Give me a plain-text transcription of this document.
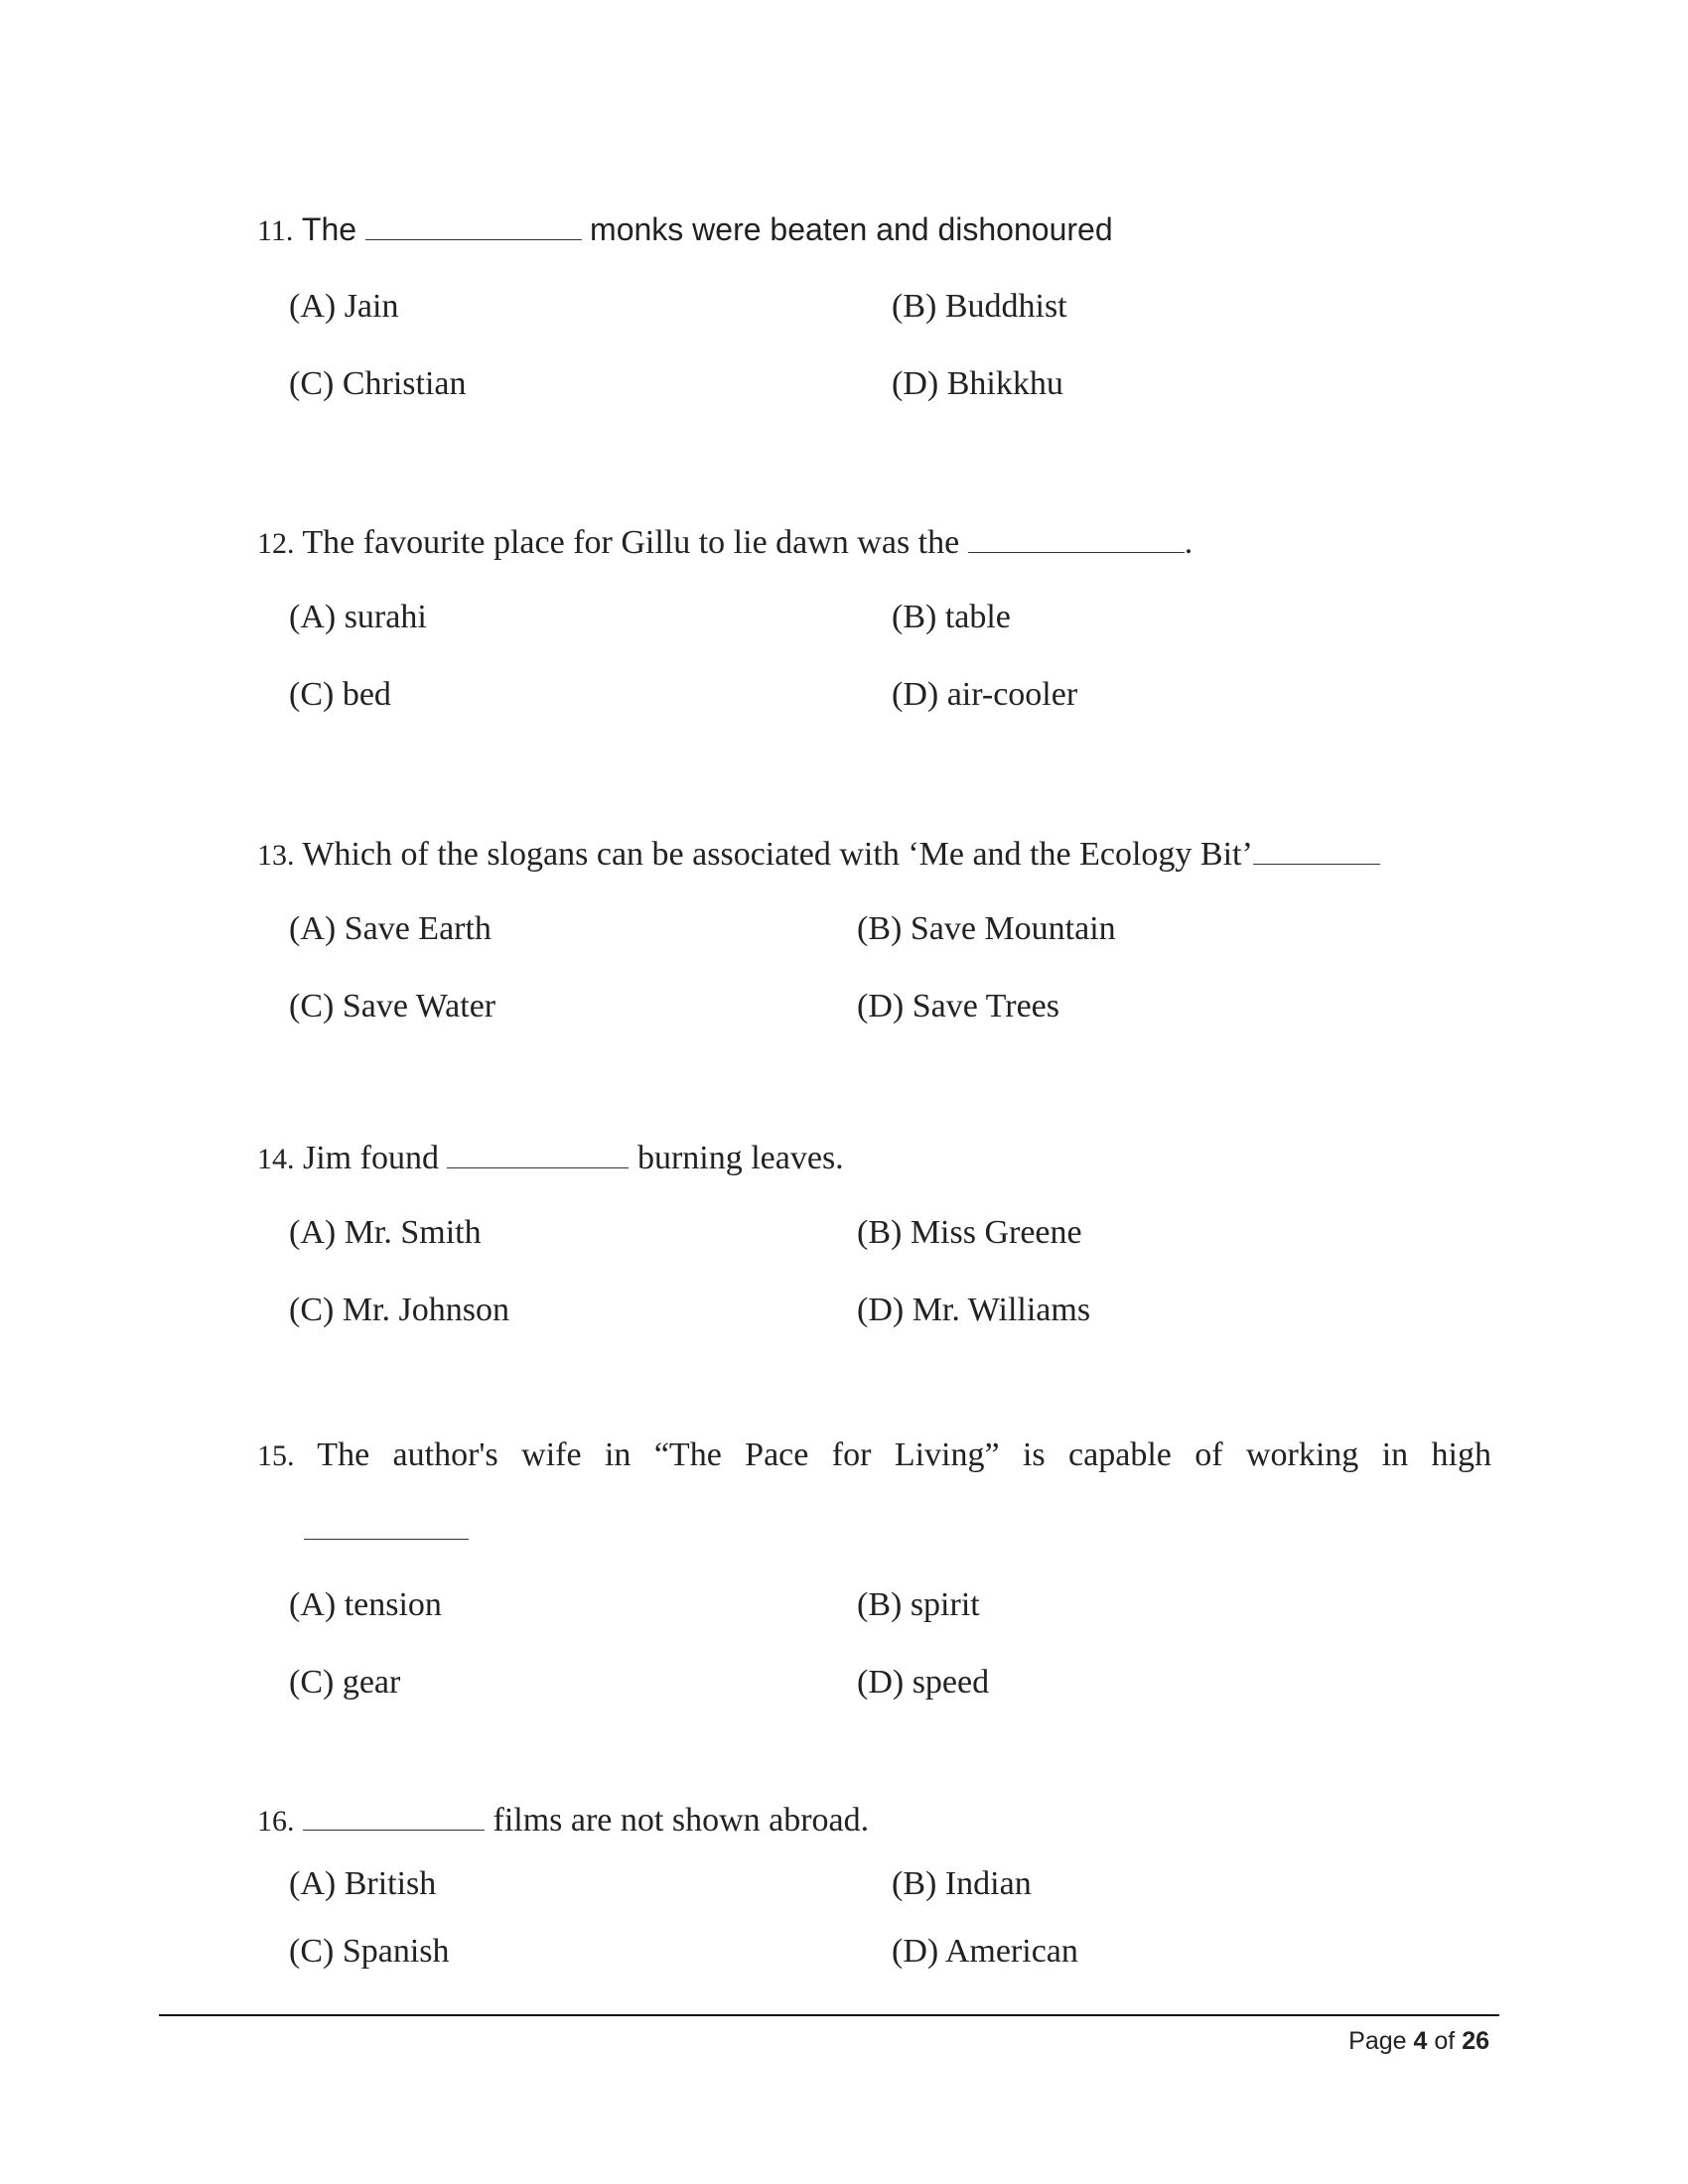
11. The	monks were beaten and dishonoured
(A) Jain	(B) Buddhist
(C) Christian	(D) Bhikkhu
12. The favourite place for Gillu to lie dawn was the	.
(A) surahi	(B) table
(C) bed	(D) air-cooler
13. Which of the slogans can be associated with ‘Me and the Ecology Bit’
(A) Save Earth	(B) Save Mountain
(C) Save Water	(D) Save Trees
14. Jim found	burning leaves.
(A) Mr. Smith	(B) Miss Greene
(C) Mr. Johnson	(D) Mr. Williams
15. The author's wife in “The Pace for Living” is capable of working in high
(A) tension	(B) spirit
(C) gear	(D) speed
16.	films are not shown abroad.
(A) British	(B) Indian
(C) Spanish	(D) American
Page 4 of 26
